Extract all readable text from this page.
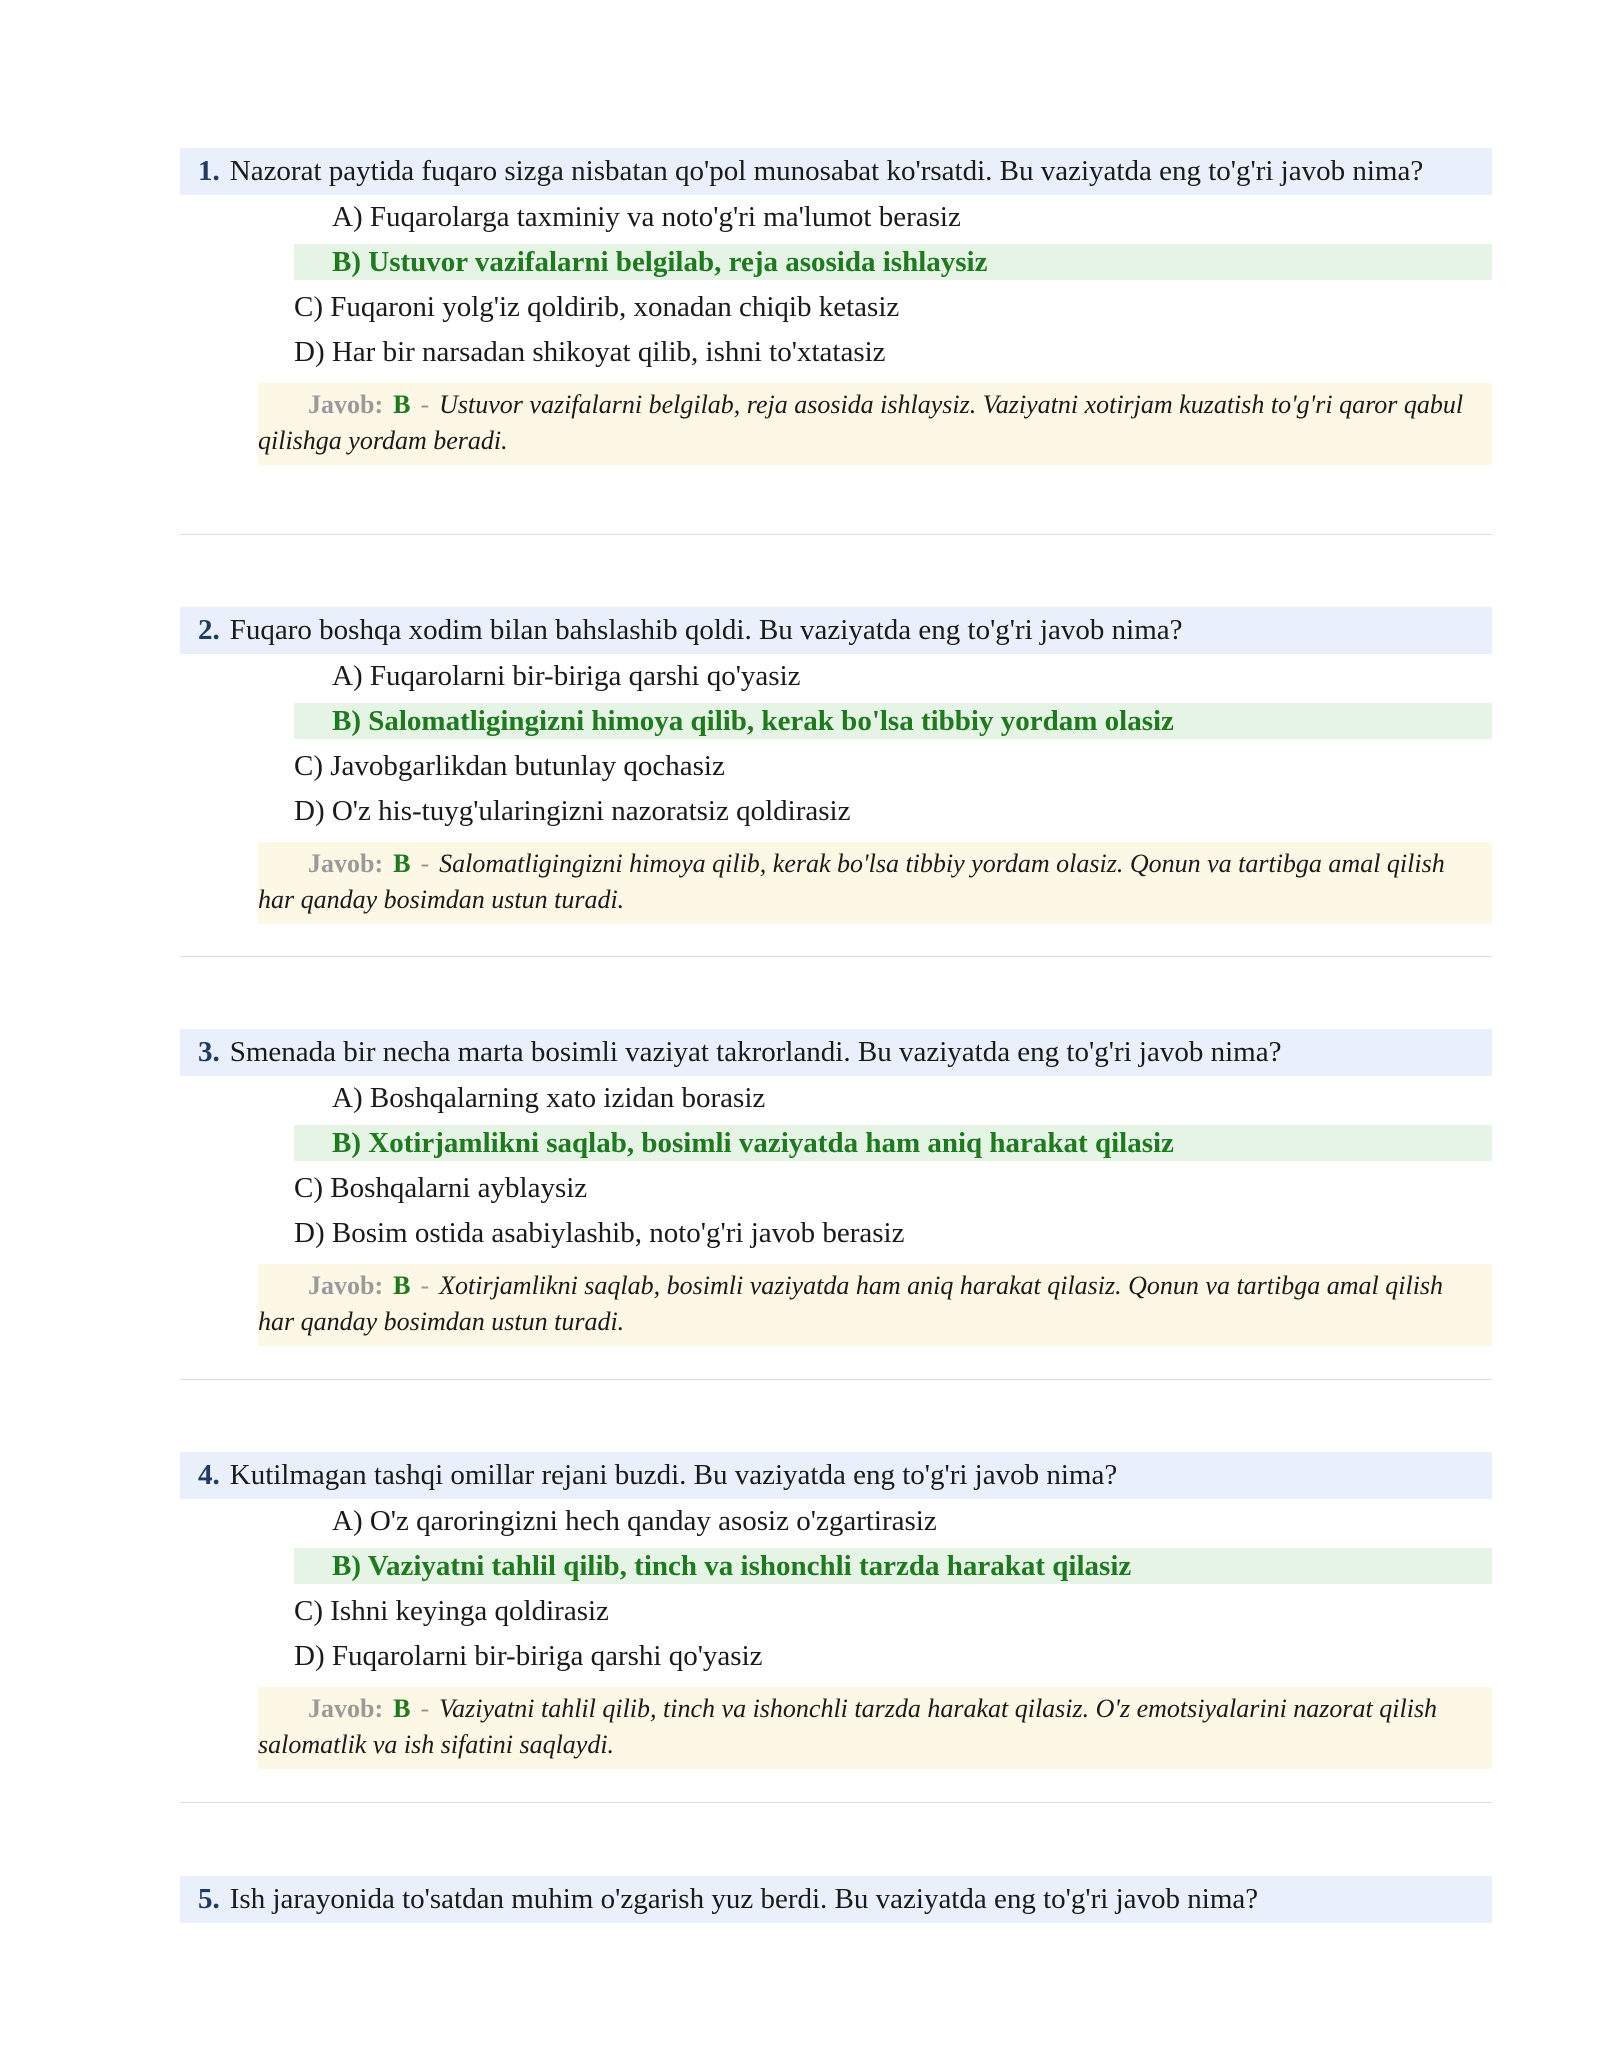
1. Nazorat paytida fuqaro sizga nisbatan qo'pol munosabat ko'rsatdi. Bu vaziyatda eng to'g'ri javob nima?

A) Fuqarolarga taxminiy va noto'g'ri ma'lumot berasiz
B) Ustuvor vazifalarni belgilab, reja asosida ishlaysiz
C) Fuqaroni yolg'iz qoldirib, xonadan chiqib ketasiz
D) Har bir narsadan shikoyat qilib, ishni to'xtatasiz
Javob: B - Ustuvor vazifalarni belgilab, reja asosida ishlaysiz. Vaziyatni xotirjam kuzatish to'g'ri qaror qabul qilishga yordam beradi.

2. Fuqaro boshqa xodim bilan bahslashib qoldi. Bu vaziyatda eng to'g'ri javob nima?

A) Fuqarolarni bir-biriga qarshi qo'yasiz
B) Salomatligingizni himoya qilib, kerak bo'lsa tibbiy yordam olasiz
C) Javobgarlikdan butunlay qochasiz
D) O'z his-tuyg'ularingizni nazoratsiz qoldirasiz
Javob: B - Salomatligingizni himoya qilib, kerak bo'lsa tibbiy yordam olasiz. Qonun va tartibga amal qilish har qanday bosimdan ustun turadi.

3. Smenada bir necha marta bosimli vaziyat takrorlandi. Bu vaziyatda eng to'g'ri javob nima?

A) Boshqalarning xato izidan borasiz
B) Xotirjamlikni saqlab, bosimli vaziyatda ham aniq harakat qilasiz
C) Boshqalarni ayblaysiz
D) Bosim ostida asabiylashib, noto'g'ri javob berasiz
Javob: B - Xotirjamlikni saqlab, bosimli vaziyatda ham aniq harakat qilasiz. Qonun va tartibga amal qilish har qanday bosimdan ustun turadi.

4. Kutilmagan tashqi omillar rejani buzdi. Bu vaziyatda eng to'g'ri javob nima?

A) O'z qaroringizni hech qanday asosiz o'zgartirasiz
B) Vaziyatni tahlil qilib, tinch va ishonchli tarzda harakat qilasiz
C) Ishni keyinga qoldirasiz
D) Fuqarolarni bir-biriga qarshi qo'yasiz
Javob: B - Vaziyatni tahlil qilib, tinch va ishonchli tarzda harakat qilasiz. O'z emotsiyalarini nazorat qilish salomatlik va ish sifatini saqlaydi.

5. Ish jarayonida to'satdan muhim o'zgarish yuz berdi. Bu vaziyatda eng to'g'ri javob nima?
